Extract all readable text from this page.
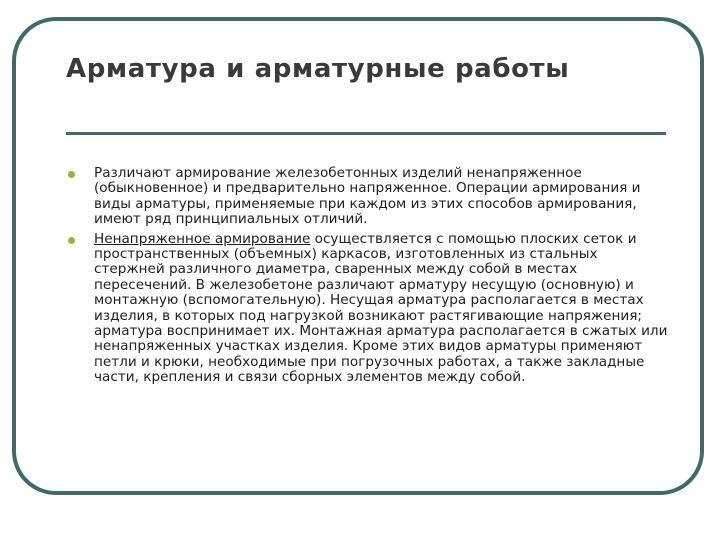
Арматура и арматурные работы
Различают армирование железобетонных изделий ненапряженное (обыкновенное) и предварительно напряженное. Операции армирования и виды арматуры, применяемые при каждом из этих способов армирования, имеют ряд принципиальных отличий.
Ненапряженное армирование осуществляется с помощью плоских сеток и пространственных (объемных) каркасов, изготовленных из стальных стержней различного диаметра, сваренных между собой в местах пересечений. В железобетоне различают арматуру несущую (основную) и монтажную (вспомогательную). Несущая арматура располагается в местах изделия, в которых под нагрузкой возникают растягивающие напряжения; арматура воспринимает их. Монтажная арматура располагается в сжатых или ненапряженных участках изделия. Кроме этих видов арматуры применяют петли и крюки, необходимые при погрузочных работах, а также закладные части, крепления и связи сборных элементов между собой.
